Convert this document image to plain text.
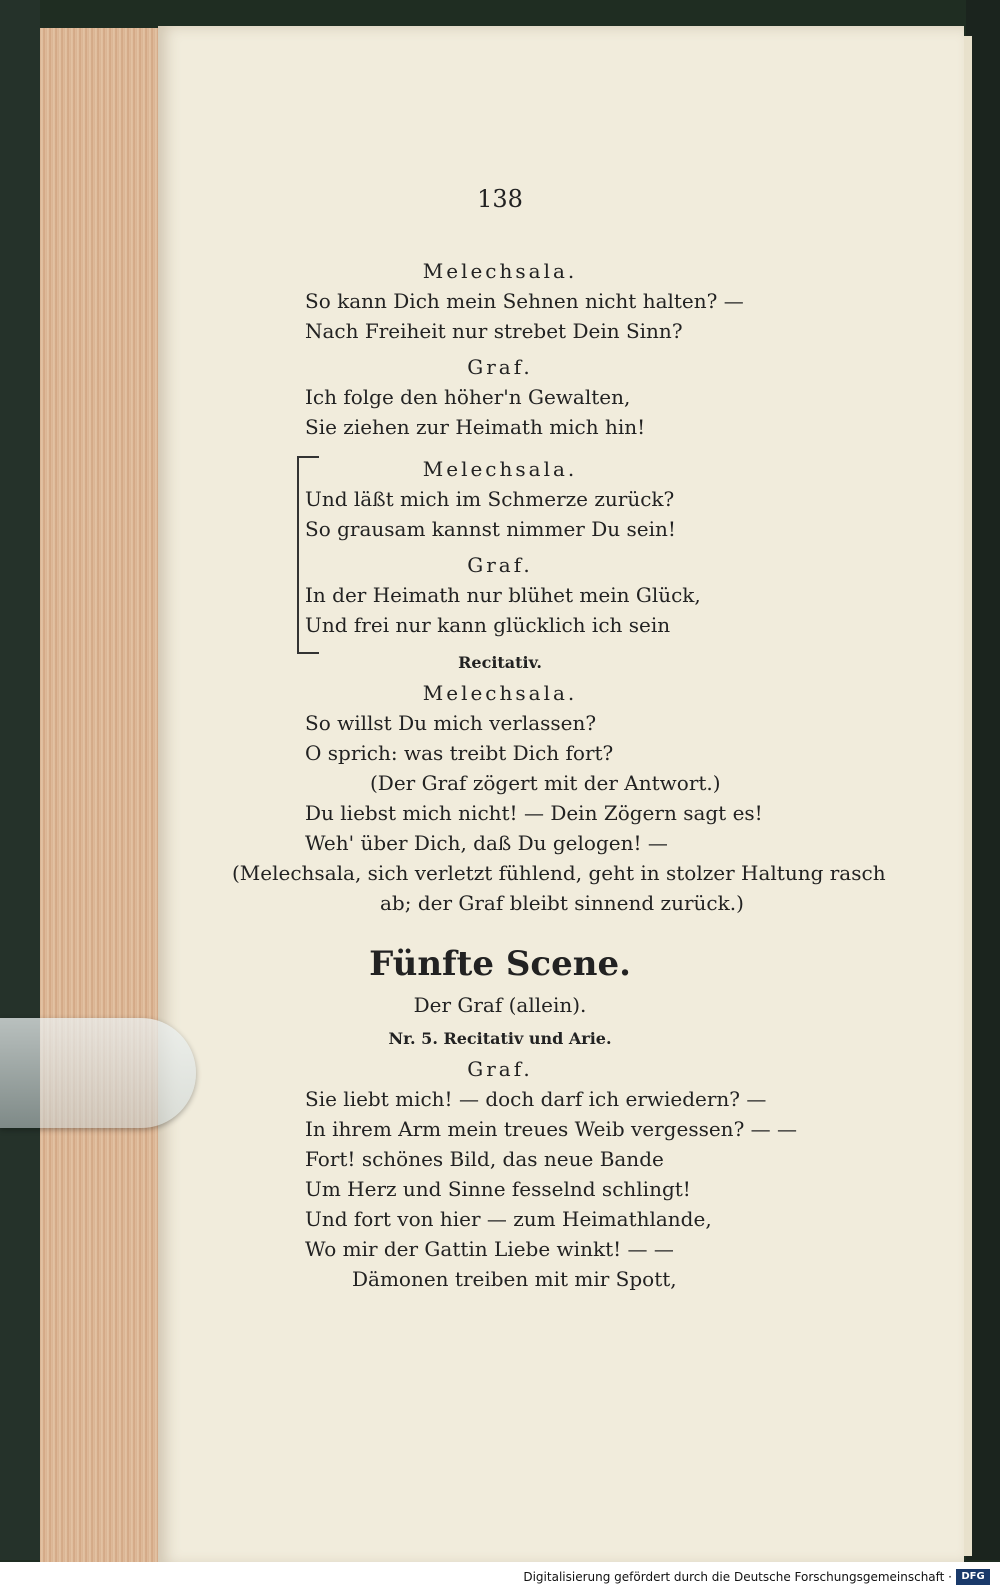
138
Melechsala.
So kann Dich mein Sehnen nicht halten? —
Nach Freiheit nur strebet Dein Sinn?
Graf.
Ich folge den höher'n Gewalten,
Sie ziehen zur Heimath mich hin!
Melechsala.
Und läßt mich im Schmerze zurück?
So grausam kannst nimmer Du sein!
Graf.
In der Heimath nur blühet mein Glück,
Und frei nur kann glücklich ich sein
Recitativ.
Melechsala.
So willst Du mich verlassen?
O sprich: was treibt Dich fort?
(Der Graf zögert mit der Antwort.)
Du liebst mich nicht! — Dein Zögern sagt es!
Weh' über Dich, daß Du gelogen! —
(Melechsala, sich verletzt fühlend, geht in stolzer Haltung rasch
ab; der Graf bleibt sinnend zurück.)
Fünfte Scene.
Der Graf (allein).
Nr. 5. Recitativ und Arie.
Graf.
Sie liebt mich! — doch darf ich erwiedern? —
In ihrem Arm mein treues Weib vergessen? — —
Fort! schönes Bild, das neue Bande
Um Herz und Sinne fesselnd schlingt!
Und fort von hier — zum Heimathlande,
Wo mir der Gattin Liebe winkt! — —
Dämonen treiben mit mir Spott,
Digitalisierung gefördert durch die Deutsche Forschungsgemeinschaft · DFG
